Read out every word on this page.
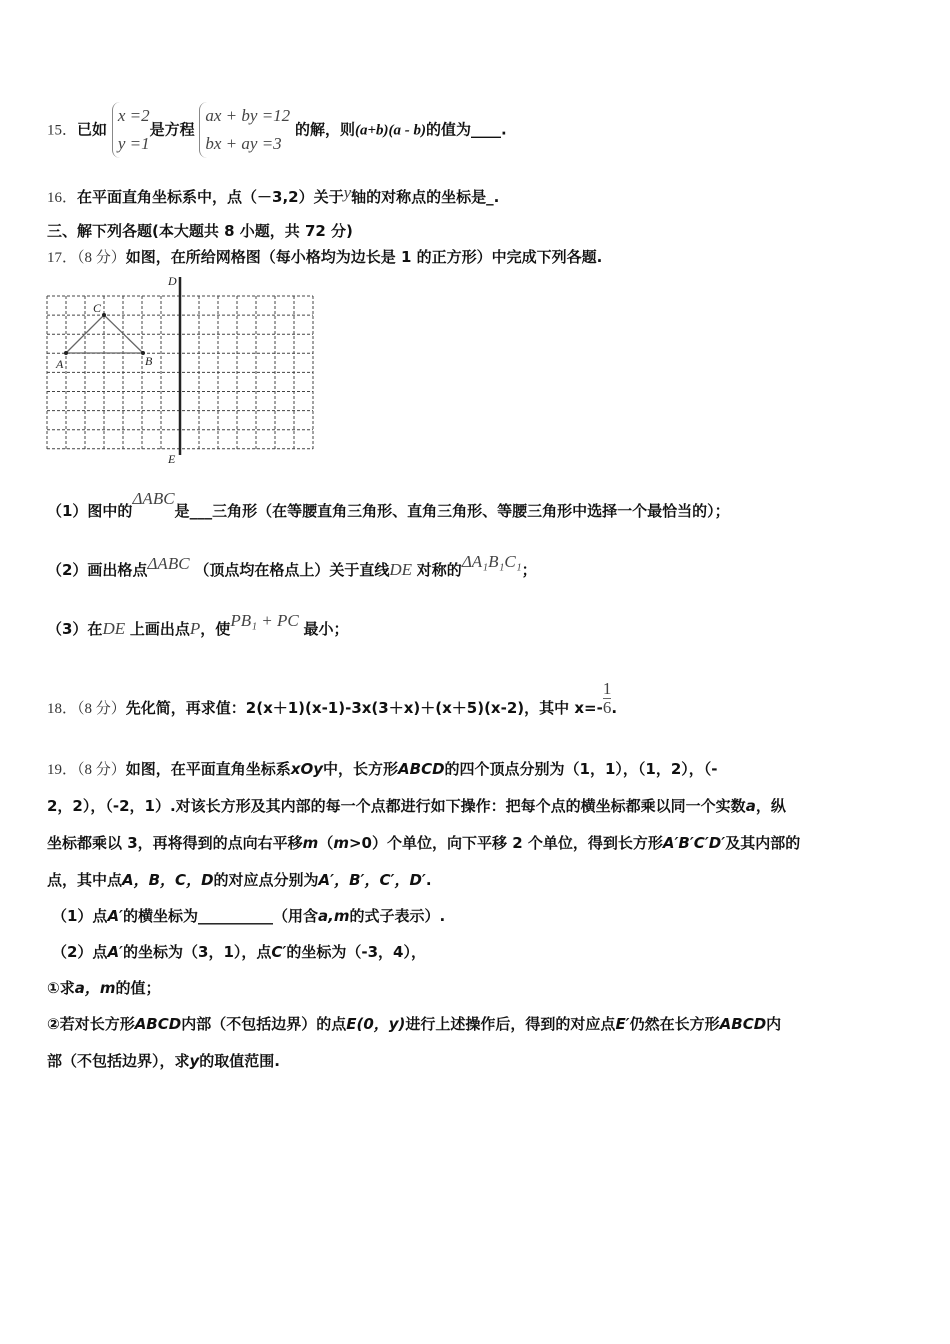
15．已如 x =2
y =1是方程 ax + by =12
bx + ay =3 的解，则(a+b)(a - b)的值为____.
16．在平面直角坐标系中，点（－3,2）关于y轴的对称点的坐标是_.
三、解下列各题(本大题共 8 小题，共 72 分)
17．（8 分）如图，在所给网格图（每小格均为边长是 1 的正方形）中完成下列各题.
A	B
C
D
E
（1）图中的ΔABC是___三角形（在等腰直角三角形、直角三角形、等腰三角形中选择一个最恰当的）；
（2）画出格点ΔABC （顶点均在格点上）关于直线DE 对称的ΔA₁B₁C₁；
（3）在DE 上画出点P，使PB₁ + PC 最小；
18．（8 分）先化简，再求值：2(x＋1)(x-1)-3x(3＋x)＋(x＋5)(x-2)，其中 $x=- \frac{1}{6}$ .
19．（8 分）如图，在平面直角坐标系xOy中，长方形ABCD的四个顶点分别为（1，1），（1，2），（-
2，2），（-2，1）.对该长方形及其内部的每一个点都进行如下操作：把每个点的横坐标都乘以同一个实数a，纵
坐标都乘以 3，再将得到的点向右平移m（m>0）个单位，向下平移 2 个单位，得到长方形A′B′C′D′及其内部的
点，其中点A，B，C，D的对应点分别为A′，B′，C′，D′.
（1）点A′的横坐标为__________（用含a,m的式子表示）.
（2）点A′的坐标为（3，1），点C′的坐标为（-3，4），
①求a，m的值；
②若对长方形ABCD内部（不包括边界）的点E(0，y)进行上述操作后，得到的对应点E′仍然在长方形ABCD内
部（不包括边界），求y的取值范围.
